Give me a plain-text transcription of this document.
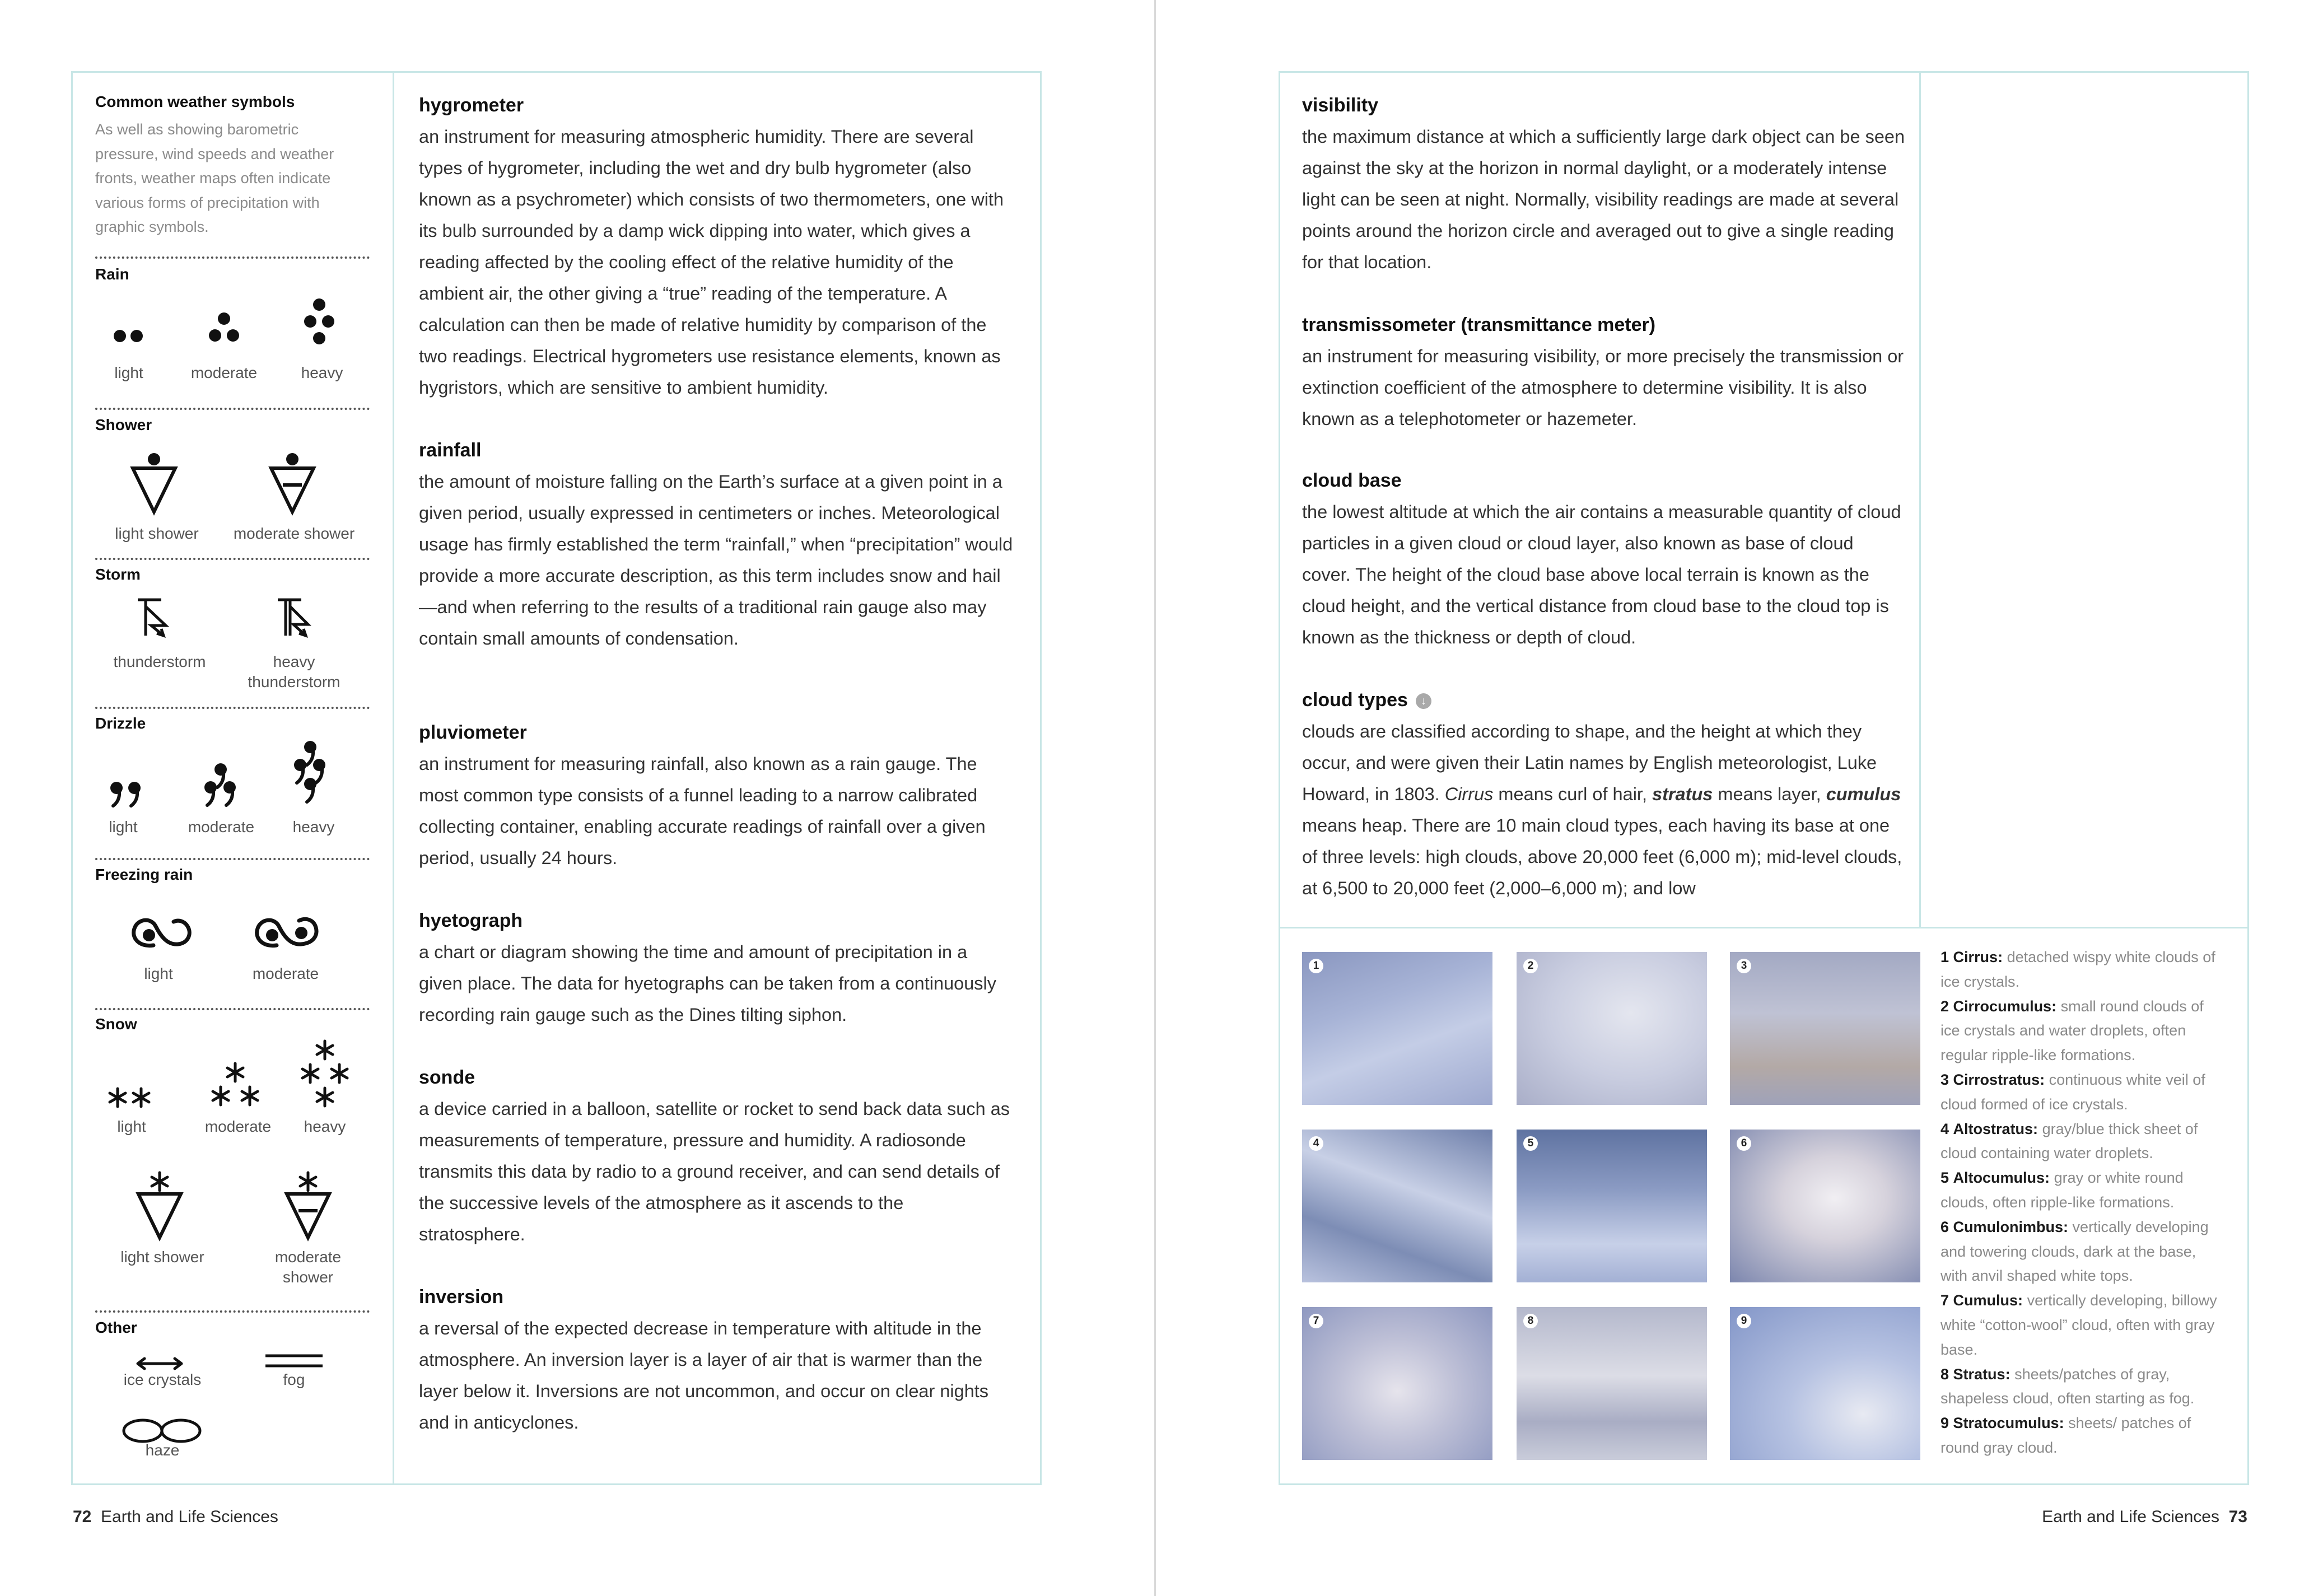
Common weather symbols
As well as showing barometric pressure, wind speeds and weather fronts, weather maps often indicate various forms of precipitation with graphic symbols.
Rain
light	moderate	heavy
Shower
light shower	moderate shower
Storm
thunderstorm	heavy thunderstorm
Drizzle
light	moderate	heavy
Freezing rain
light	moderate
Snow
light	moderate	heavy
light shower	moderate shower
Other
ice crystals	fog
haze
hygrometer
an instrument for measuring atmospheric humidity. There are several types of hygrometer, including the wet and dry bulb hygrometer (also known as a psychrometer) which consists of two thermometers, one with its bulb surrounded by a damp wick dipping into water, which gives a reading affected by the cooling effect of the relative humidity of the ambient air, the other giving a “true” reading of the temperature. A calculation can then be made of relative humidity by comparison of the two readings. Electrical hygrometers use resistance elements, known as hygristors, which are sensitive to ambient humidity.
rainfall
the amount of moisture falling on the Earth’s surface at a given point in a given period, usually expressed in centimeters or inches. Meteorological usage has firmly established the term “rainfall,” when “precipitation” would provide a more accurate description, as this term includes snow and hail—and when referring to the results of a traditional rain gauge also may contain small amounts of condensation.
pluviometer
an instrument for measuring rainfall, also known as a rain gauge. The most common type consists of a funnel leading to a narrow calibrated collecting container, enabling accurate readings of rainfall over a given period, usually 24 hours.
hyetograph
a chart or diagram showing the time and amount of precipitation in a given place. The data for hyetographs can be taken from a continuously recording rain gauge such as the Dines tilting siphon.
sonde
a device carried in a balloon, satellite or rocket to send back data such as measurements of temperature, pressure and humidity. A radiosonde transmits this data by radio to a ground receiver, and can send details of the successive levels of the atmosphere as it ascends to the stratosphere.
inversion
a reversal of the expected decrease in temperature with altitude in the atmosphere. An inversion layer is a layer of air that is warmer than the layer below it. Inversions are not uncommon, and occur on clear nights and in anticyclones.
72 Earth and Life Sciences
visibility
the maximum distance at which a sufficiently large dark object can be seen against the sky at the horizon in normal daylight, or a moderately intense light can be seen at night. Normally, visibility readings are made at several points around the horizon circle and averaged out to give a single reading for that location.
transmissometer (transmittance meter)
an instrument for measuring visibility, or more precisely the transmission or extinction coefficient of the atmosphere to determine visibility. It is also known as a telephotometer or hazemeter.
cloud base
the lowest altitude at which the air contains a measurable quantity of cloud particles in a given cloud or cloud layer, also known as base of cloud cover. The height of the cloud base above local terrain is known as the cloud height, and the vertical distance from cloud base to the cloud top is known as the thickness or depth of cloud.
cloud types ↓
clouds are classified according to shape, and the height at which they occur, and were given their Latin names by English meteorologist, Luke Howard, in 1803. Cirrus means curl of hair, stratus means layer, cumulus means heap. There are 10 main cloud types, each having its base at one of three levels: high clouds, above 20,000 feet (6,000 m); mid-level clouds, at 6,500 to 20,000 feet (2,000–6,000 m); and low
1	2	3
4	5	6
7	8	9
1 Cirrus: detached wispy white clouds of ice crystals.
2 Cirrocumulus: small round clouds of ice crystals and water droplets, often regular ripple-like formations.
3 Cirrostratus: continuous white veil of cloud formed of ice crystals.
4 Altostratus: gray/blue thick sheet of cloud containing water droplets.
5 Altocumulus: gray or white round clouds, often ripple-like formations.
6 Cumulonimbus: vertically developing and towering clouds, dark at the base, with anvil shaped white tops.
7 Cumulus: vertically developing, billowy white “cotton-wool” cloud, often with gray base.
8 Stratus: sheets/patches of gray, shapeless cloud, often starting as fog.
9 Stratocumulus: sheets/ patches of round gray cloud.
Earth and Life Sciences 73
